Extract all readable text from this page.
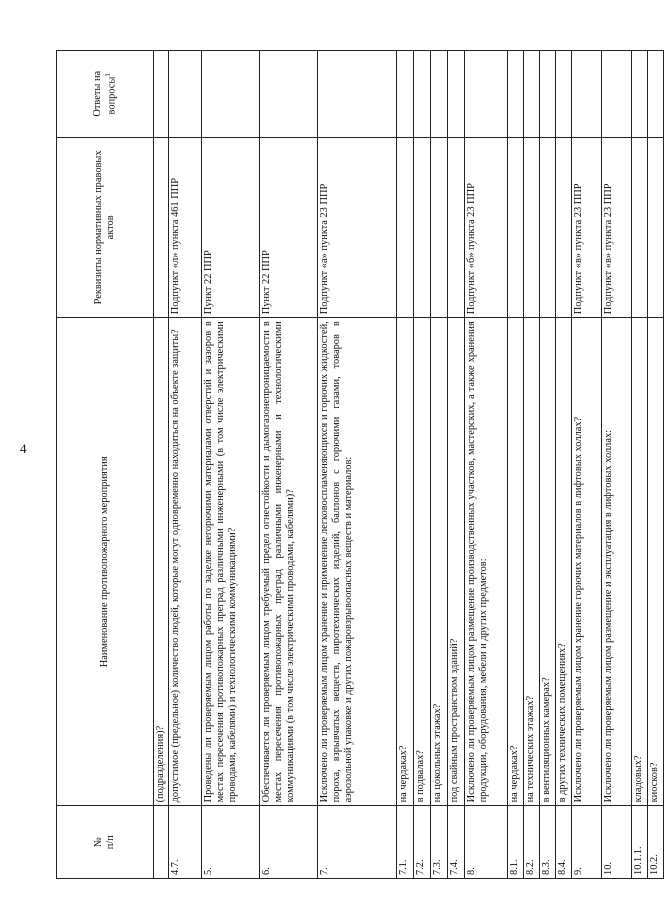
4
№
п/п	Наименование противопожарного мероприятия	Реквизиты нормативных правовых актов	Ответы на вопросы$^1$
	(подразделения)?		
4.7.	допустимое (предельное) количество людей, которые могут одновременно находиться на объекте защиты?	Подпункт «л» пункта 461 ППР	
5.	Проведены ли проверяемым лицом работы по заделке негорючими материалами отверстий и зазоров в местах пересечения противопожарных преград различными инженерными (в том числе электрическими проводами, кабелями) и технологическими коммуникациями?	Пункт 22 ППР	
6.	Обеспечивается ли проверяемым лицом требуемый предел огнестойкости и дымогазонепроницаемости в местах пересечения противопожарных преград различными инженерными и технологическими коммуникациями (в том числе электрическими проводами, кабелями)?	Пункт 22 ППР	
7.	Исключено ли проверяемым лицом хранение и применение легковоспламеняющихся и горючих жидкостей, пороха, взрывчатых веществ, пиротехнических изделий, баллонов с горючими газами, товаров в аэрозольной упаковке и других пожаровзрывоопасных веществ и материалов:	Подпункт «а» пункта 23 ППР	
7.1.	на чердаках?		
7.2.	в подвалах?		
7.3.	на цокольных этажах?		
7.4.	под свайным пространством зданий?		
8.	Исключено ли проверяемым лицом размещение производственных участков, мастерских, а также хранения продукции, оборудования, мебели и других предметов:	Подпункт «б» пункта 23 ППР	
8.1.	на чердаках?		
8.2.	на технических этажах?		
8.3.	в вентиляционных камерах?		
8.4.	в других технических помещениях?		
9.	Исключено ли проверяемым лицом хранение горючих материалов в лифтовых холлах?	Подпункт «в» пункта 23 ППР	
10.	Исключено ли проверяемым лицом размещение и эксплуатация в лифтовых холлах:	Подпункт «в» пункта 23 ППР	
10.1.1.	кладовых?		
10.2.	киосков?		
